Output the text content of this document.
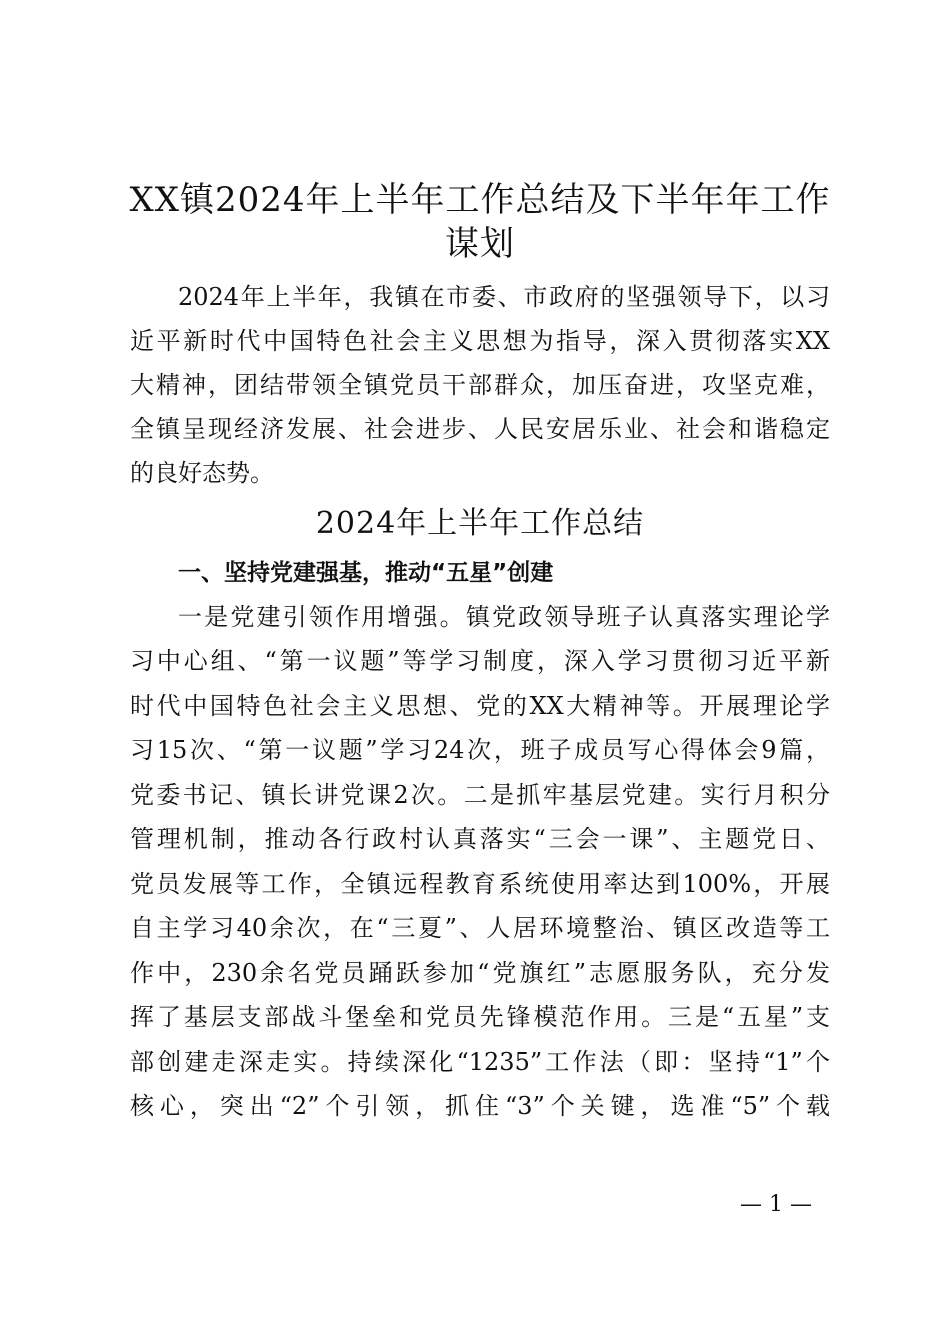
XX镇2024年上半年工作总结及下半年年工作
谋划
2024年上半年，我镇在市委、市政府的坚强领导下，以习
近平新时代中国特色社会主义思想为指导，深入贯彻落实XX
大精神，团结带领全镇党员干部群众，加压奋进，攻坚克难，
全镇呈现经济发展、社会进步、人民安居乐业、社会和谐稳定
的良好态势。
2024年上半年工作总结
一、坚持党建强基，推动“五星”创建
一是党建引领作用增强。镇党政领导班子认真落实理论学
习中心组、“第一议题”等学习制度，深入学习贯彻习近平新
时代中国特色社会主义思想、党的XX大精神等。开展理论学
习15次、“第一议题”学习24次，班子成员写心得体会9篇，
党委书记、镇长讲党课2次。二是抓牢基层党建。实行月积分
管理机制，推动各行政村认真落实“三会一课”、主题党日、
党员发展等工作，全镇远程教育系统使用率达到100%，开展
自主学习40余次，在“三夏”、人居环境整治、镇区改造等工
作中，230余名党员踊跃参加“党旗红”志愿服务队，充分发
挥了基层支部战斗堡垒和党员先锋模范作用。三是“五星”支
部创建走深走实。持续深化“1235”工作法（即：坚持“1”个
核心，突出“2”个引领，抓住“3”个关键，选准“5”个载
— 1 —
